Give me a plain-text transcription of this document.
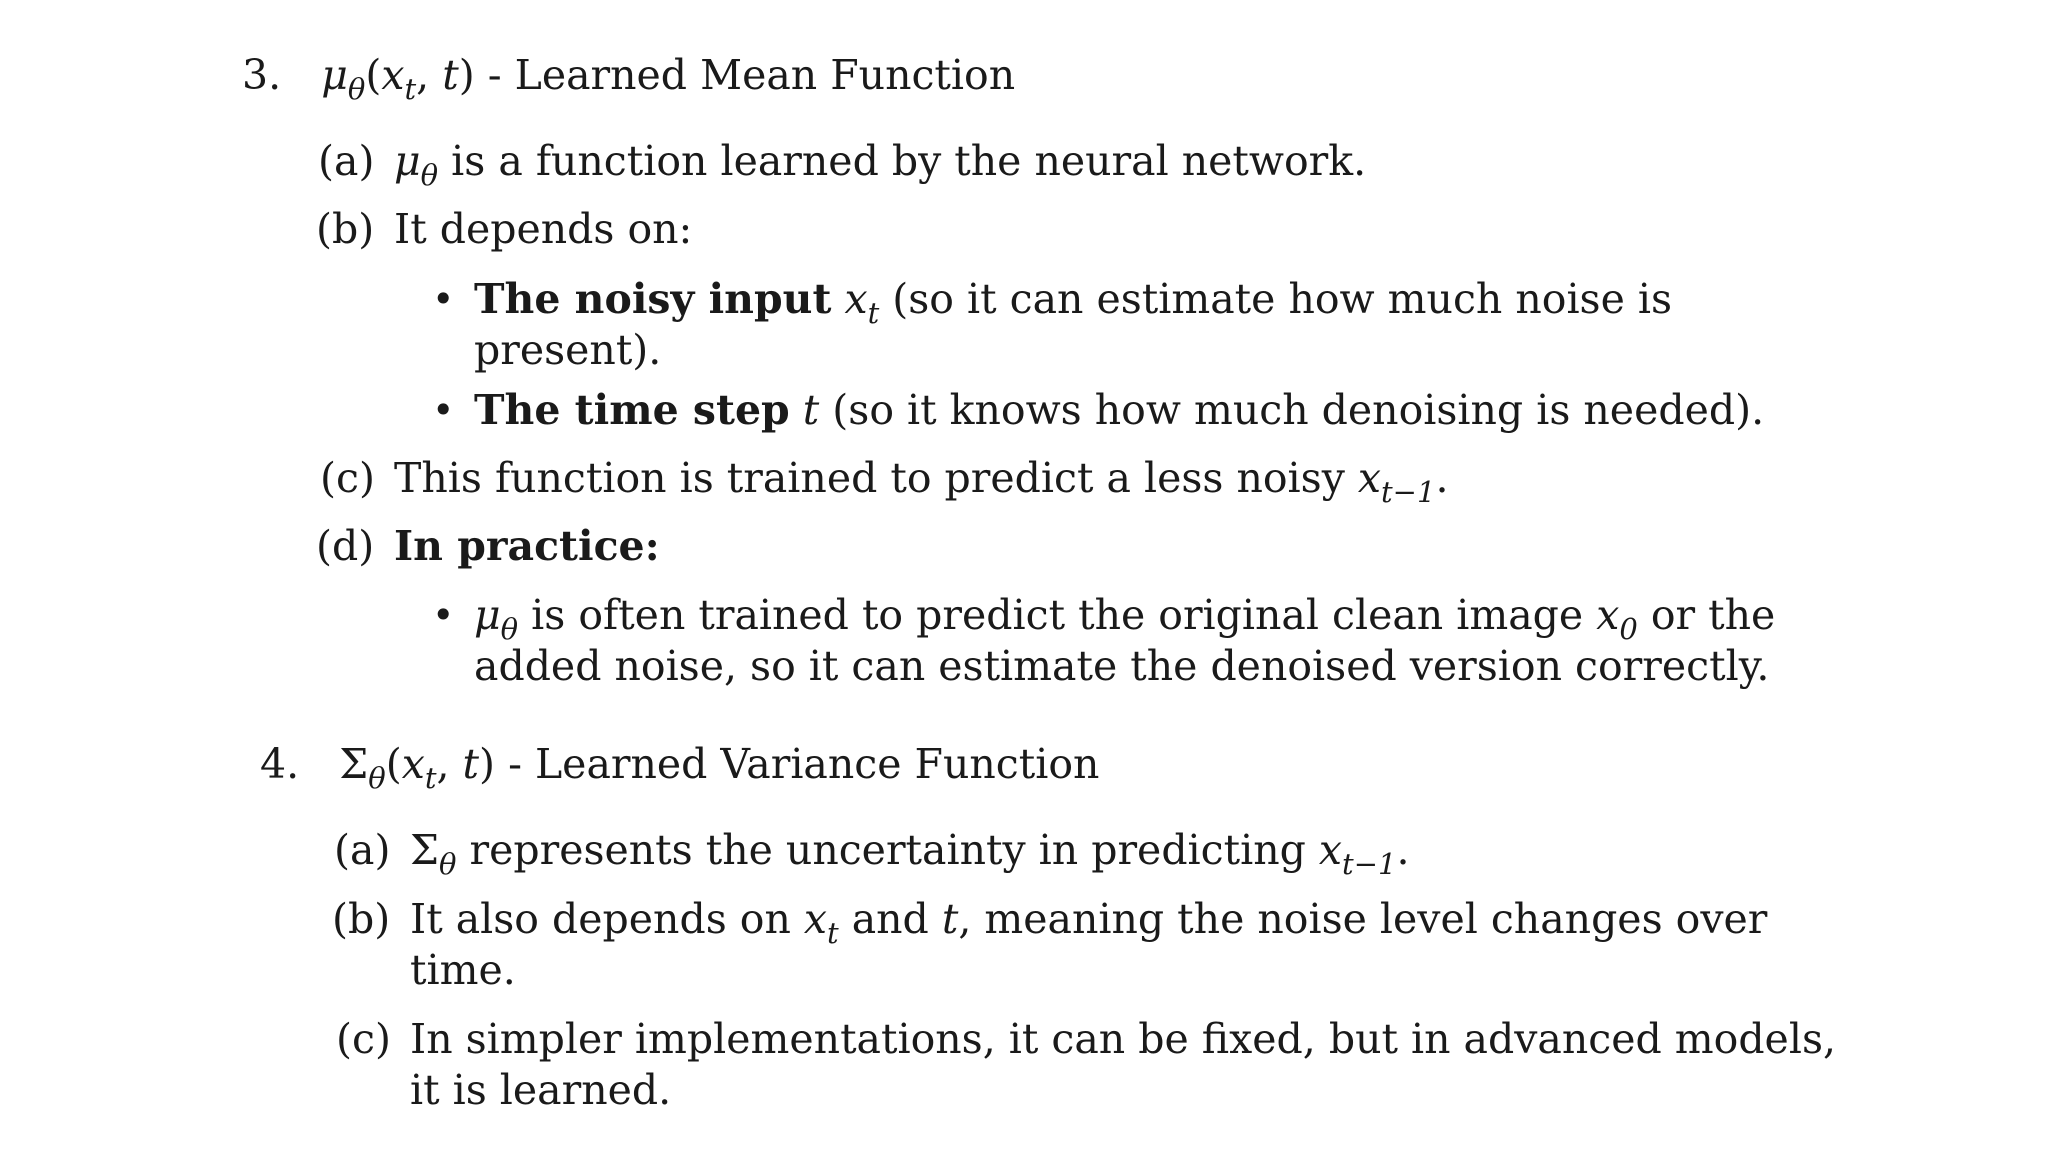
3. $\mu_\theta(x_t$, t) - Learned Mean Function
(a) $\mu_\theta$ is a function learned by the neural network.
(b) It depends on:
• The noisy input $x_t$ (so it can estimate how much noise is
present).
• The time step t (so it knows how much denoising is needed).
(c) This function is trained to predict a less noisy $x_{t-1}$.
(d) In practice:
• $\mu_\theta$ is often trained to predict the original clean image $x_0$ or the
added noise, so it can estimate the denoised version correctly.
4. $\Sigma_\theta(x_t$, t) - Learned Variance Function
(a) $\Sigma_\theta$ represents the uncertainty in predicting $x_{t-1}$.
(b) It also depends on $x_t$ and t, meaning the noise level changes over
time.
(c) In simpler implementations, it can be fixed, but in advanced models,
it is learned.
